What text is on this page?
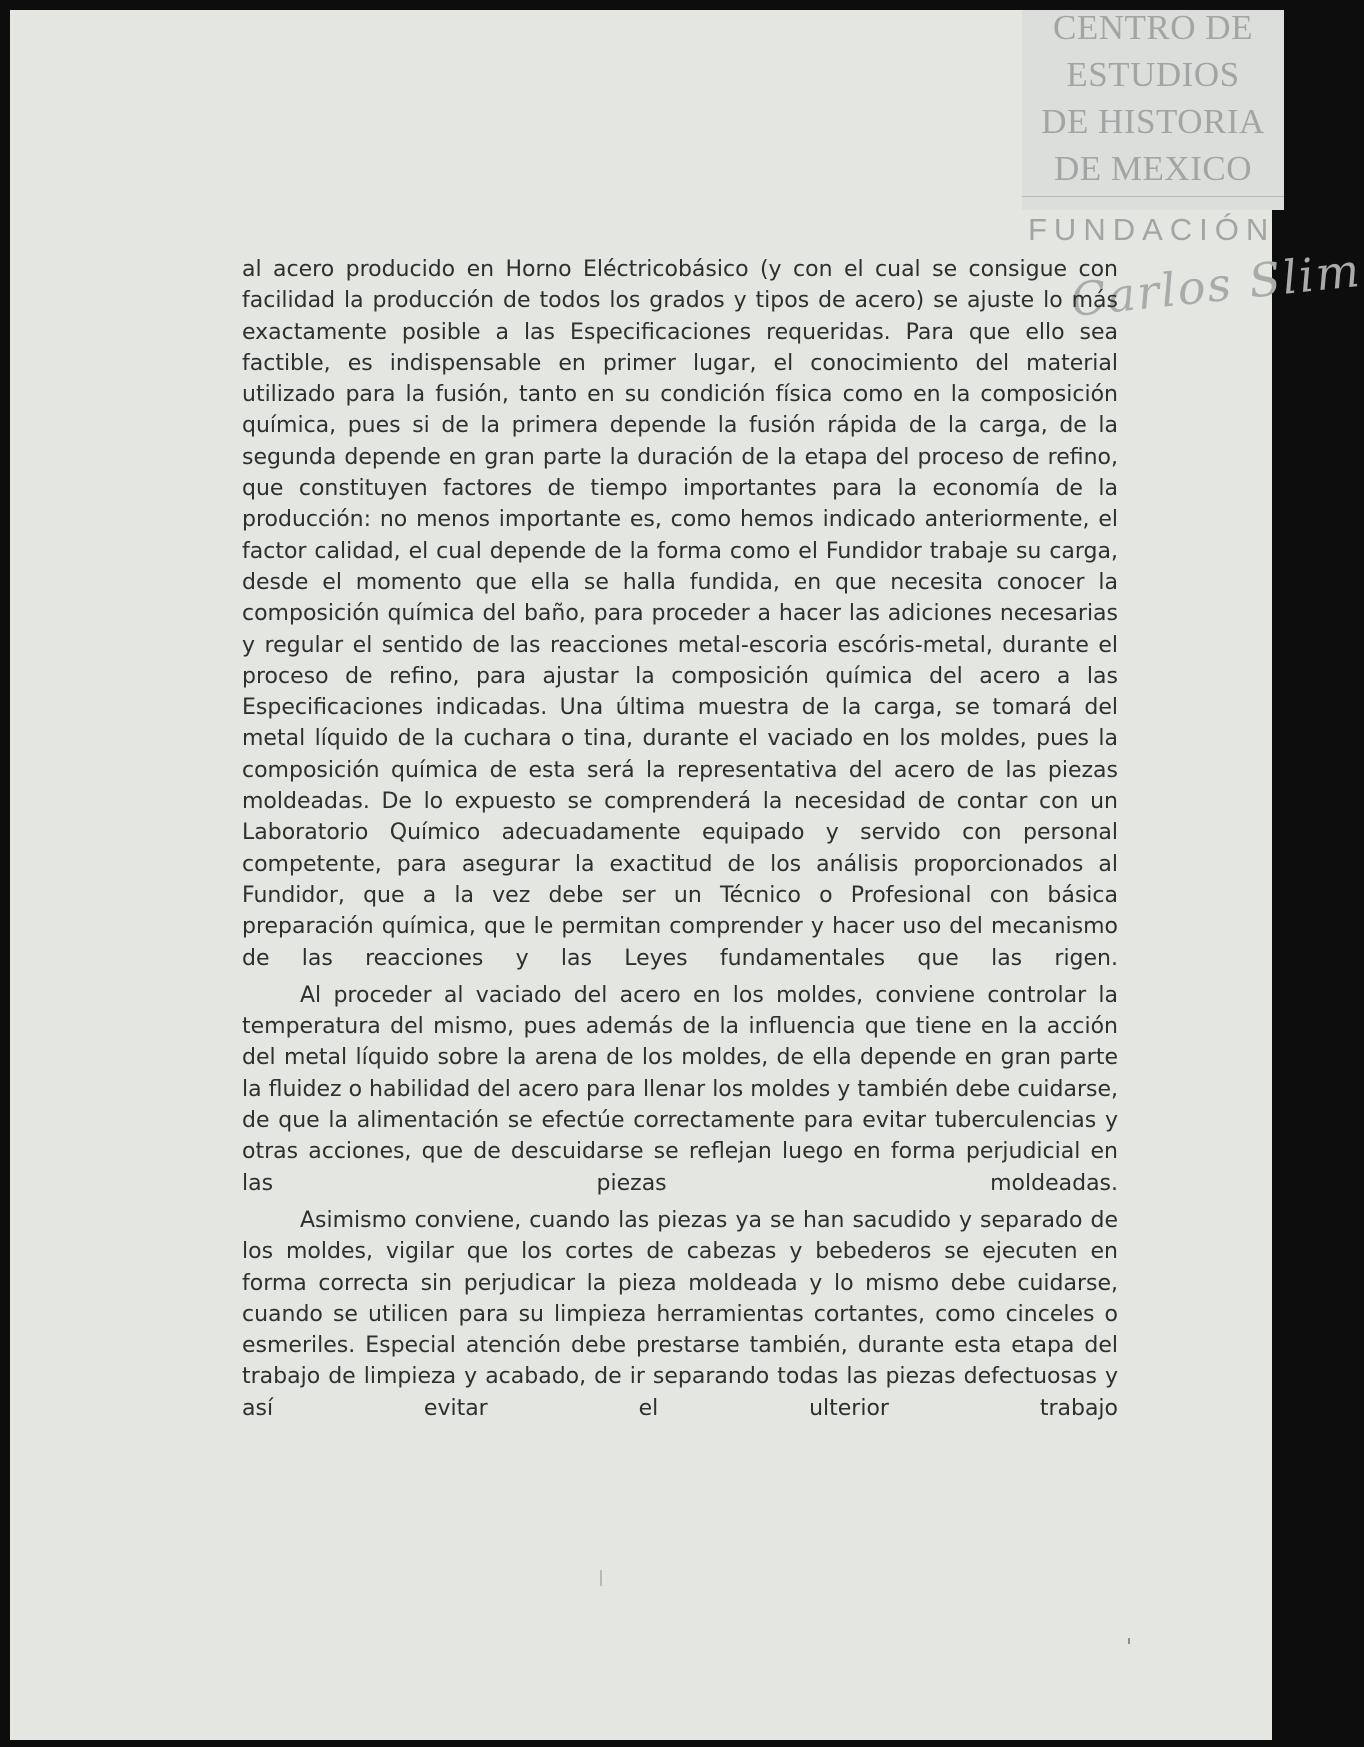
CENTRO DE
ESTUDIOS
DE HISTORIA
DE MEXICO
FUNDACIÓN
Carlos Slim

al acero producido en Horno Eléctricobásico (y con el cual se consigue con facilidad la producción de todos los grados y tipos de acero) se ajuste lo más exactamente posible a las Especificaciones requeridas. Para que ello sea factible, es indispensable en primer lugar, el conocimiento del material utilizado para la fusión, tanto en su condición física como en la composición química, pues si de la primera depende la fusión rápida de la carga, de la segunda depende en gran parte la duración de la etapa del proceso de refino, que constituyen factores de tiempo importantes para la economía de la producción: no menos importante es, como hemos indicado anteriormente, el factor calidad, el cual depende de la forma como el Fundidor trabaje su carga, desde el momento que ella se halla fundida, en que necesita conocer la composición química del baño, para proceder a hacer las adiciones necesarias y regular el sentido de las reacciones metal-escoria escóris-metal, durante el proceso de refino, para ajustar la composición química del acero a las Especificaciones indicadas. Una última muestra de la carga, se tomará del metal líquido de la cuchara o tina, durante el vaciado en los moldes, pues la composición química de esta será la representativa del acero de las piezas moldeadas. De lo expuesto se comprenderá la necesidad de contar con un Laboratorio Químico adecuadamente equipado y servido con personal competente, para asegurar la exactitud de los análisis proporcionados al Fundidor, que a la vez debe ser un Técnico o Profesional con básica preparación química, que le permitan comprender y hacer uso del mecanismo de las reacciones y las Leyes fundamentales que las rigen.

Al proceder al vaciado del acero en los moldes, conviene controlar la temperatura del mismo, pues además de la influencia que tiene en la acción del metal líquido sobre la arena de los moldes, de ella depende en gran parte la fluidez o habilidad del acero para llenar los moldes y también debe cuidarse, de que la alimentación se efectúe correctamente para evitar tuberculencias y otras acciones, que de descuidarse se reflejan luego en forma perjudicial en las piezas moldeadas.

Asimismo conviene, cuando las piezas ya se han sacudido y separado de los moldes, vigilar que los cortes de cabezas y bebederos se ejecuten en forma correcta sin perjudicar la pieza moldeada y lo mismo debe cuidarse, cuando se utilicen para su limpieza herramientas cortantes, como cinceles o esmeriles. Especial atención debe prestarse también, durante esta etapa del trabajo de limpieza y acabado, de ir separando todas las piezas defectuosas y así evitar el ulterior trabajo
